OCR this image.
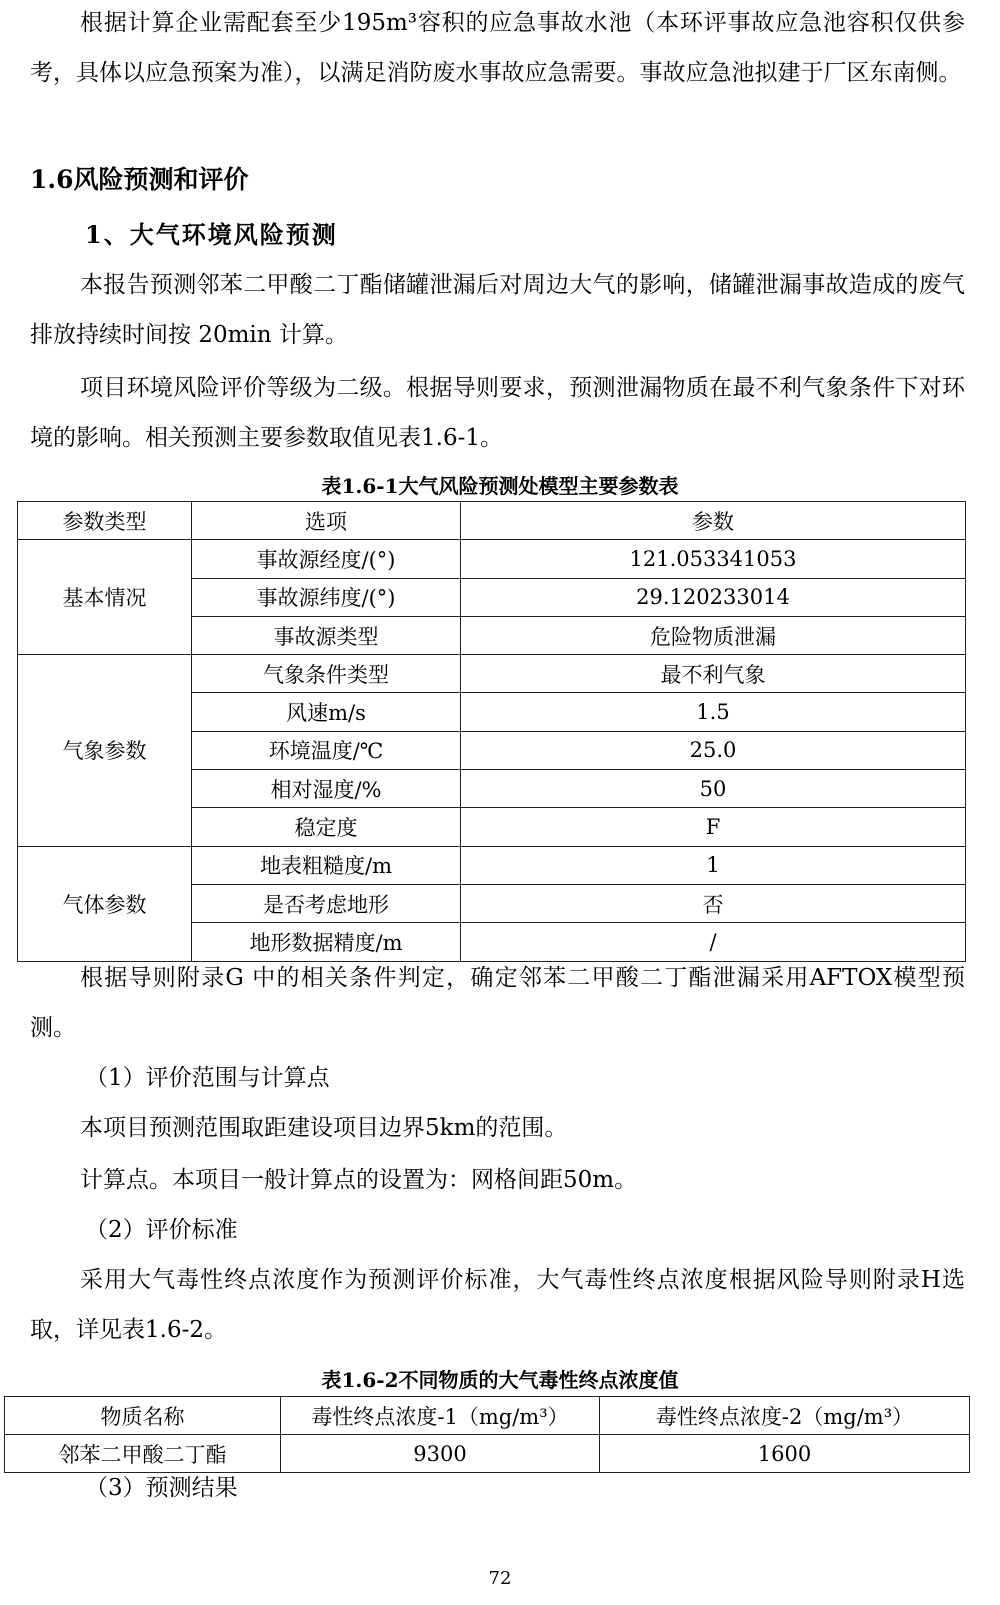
根据计算企业需配套至少195m³容积的应急事故水池（本环评事故应急池容积仅供参考，具体以应急预案为准），以满足消防废水事故应急需要。事故应急池拟建于厂区东南侧。

1.6风险预测和评价

1、大气环境风险预测

本报告预测邻苯二甲酸二丁酯储罐泄漏后对周边大气的影响，储罐泄漏事故造成的废气排放持续时间按 20min 计算。

项目环境风险评价等级为二级。根据导则要求，预测泄漏物质在最不利气象条件下对环境的影响。相关预测主要参数取值见表1.6-1。

表1.6-1大气风险预测处模型主要参数表

参数类型	选项	参数
基本情况	事故源经度/(°)	121.053341053
	事故源纬度/(°)	29.120233014
	事故源类型	危险物质泄漏
气象参数	气象条件类型	最不利气象
	风速m/s	1.5
	环境温度/℃	25.0
	相对湿度/%	50
	稳定度	F
气体参数	地表粗糙度/m	1
	是否考虑地形	否
	地形数据精度/m	/

根据导则附录G 中的相关条件判定，确定邻苯二甲酸二丁酯泄漏采用AFTOX模型预测。

（1）评价范围与计算点

本项目预测范围取距建设项目边界5km的范围。

计算点。本项目一般计算点的设置为：网格间距50m。

（2）评价标准

采用大气毒性终点浓度作为预测评价标准，大气毒性终点浓度根据风险导则附录H选取，详见表1.6-2。

表1.6-2不同物质的大气毒性终点浓度值

物质名称	毒性终点浓度-1（mg/m³）	毒性终点浓度-2（mg/m³）
邻苯二甲酸二丁酯	9300	1600

（3）预测结果

72
